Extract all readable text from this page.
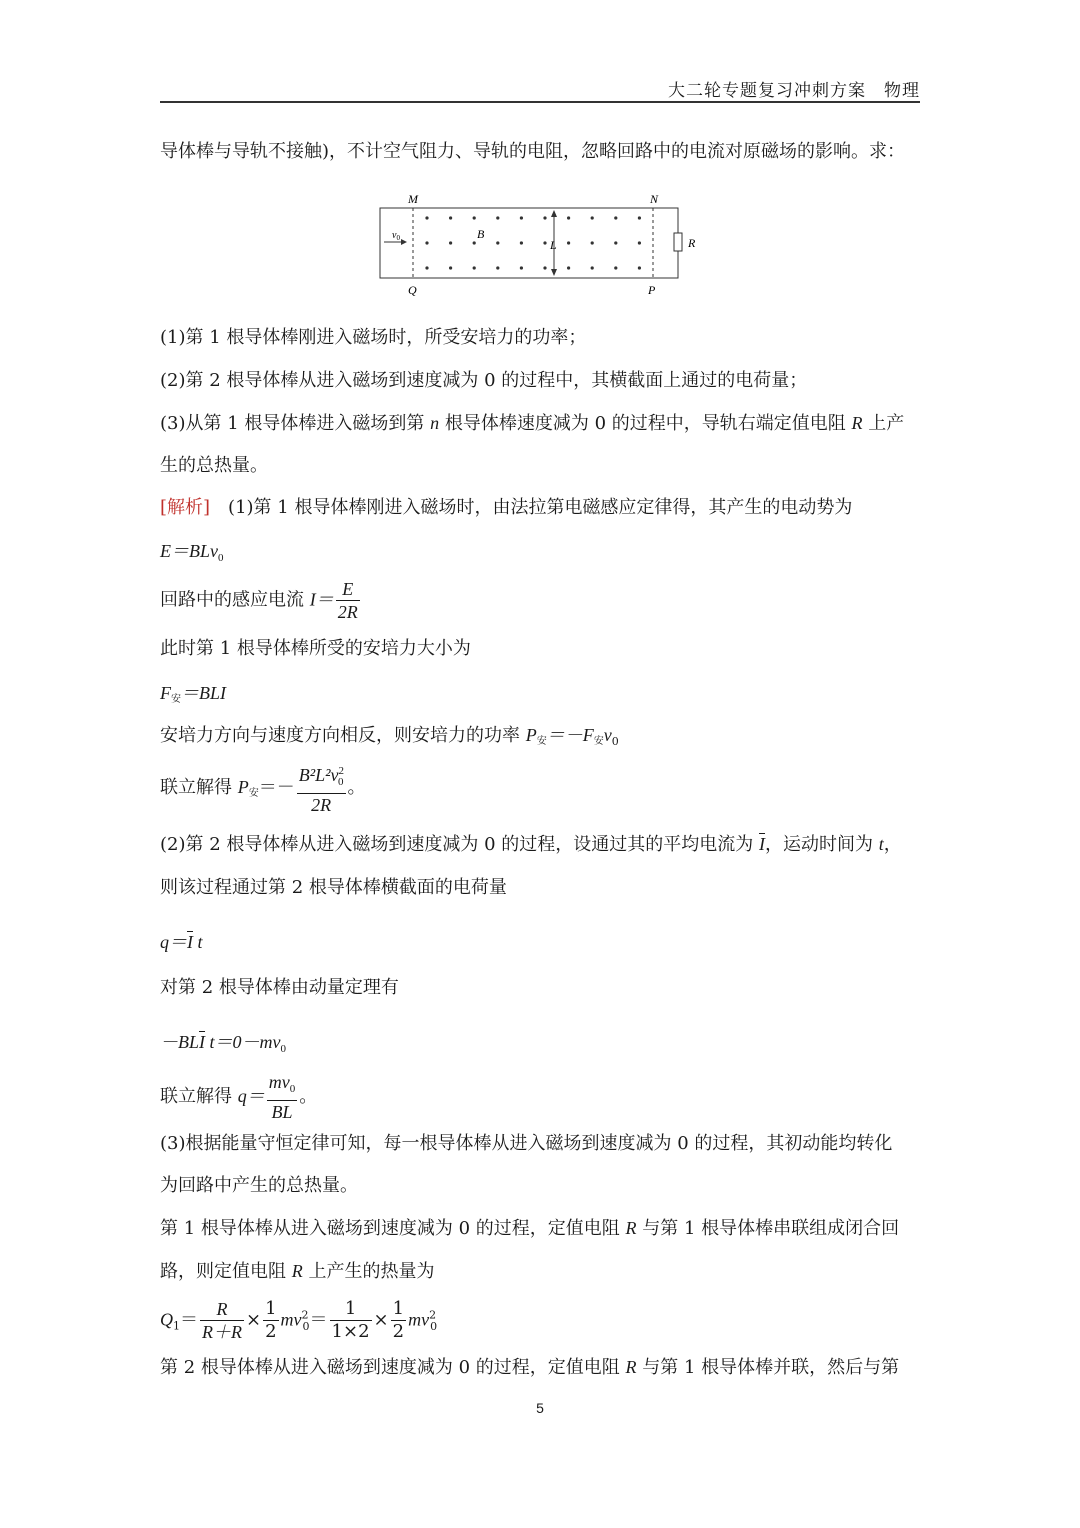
大二轮专题复习冲刺方案　物理
导体棒与导轨不接触)，不计空气阻力、导轨的电阻，忽略回路中的电流对原磁场的影响。求：
M	N
Q	P
B
L	R
$v_0$
(1)第 1 根导体棒刚进入磁场时，所受安培力的功率；
(2)第 2 根导体棒从进入磁场到速度减为 0 的过程中，其横截面上通过的电荷量；
(3)从第 1 根导体棒进入磁场到第 n 根导体棒速度减为 0 的过程中，导轨右端定值电阻 R 上产
生的总热量。
[解析]　(1)第 1 根导体棒刚进入磁场时，由法拉第电磁感应定律得，其产生的电动势为
E＝BLv$_0$
回路中的感应电流 $I= \frac{E}{2R}$
此时第 1 根导体棒所受的安培力大小为
F安＝BLI
安培力方向与速度方向相反，则安培力的功率 P安＝－F安$v_0$
联立解得 P安＝－ $\frac{B^2L^2v^2_0}{2R}$ 。
(2)第 2 根导体棒从进入磁场到速度减为 0 的过程，设通过其的平均电流为 $\overline{I}$，运动时间为 t，
则该过程通过第 2 根导体棒横截面的电荷量
$q=\overline{I}$ t
对第 2 根导体棒由动量定理有
$-BL\overline{I}$ $t=0-mv_0$
联立解得 $q= \frac{mv_0}{BL}$ 。
(3)根据能量守恒定律可知，每一根导体棒从进入磁场到速度减为 0 的过程，其初动能均转化
为回路中产生的总热量。
第 1 根导体棒从进入磁场到速度减为 0 的过程，定值电阻 R 与第 1 根导体棒串联组成闭合回
路，则定值电阻 R 上产生的热量为
$Q_1= \frac{R}{R+R} \times \frac{1}{2} mv^2_0= \frac{1}{1\times 2} \times \frac{1}{2} mv^2_0$
第 2 根导体棒从进入磁场到速度减为 0 的过程，定值电阻 R 与第 1 根导体棒并联，然后与第
5
